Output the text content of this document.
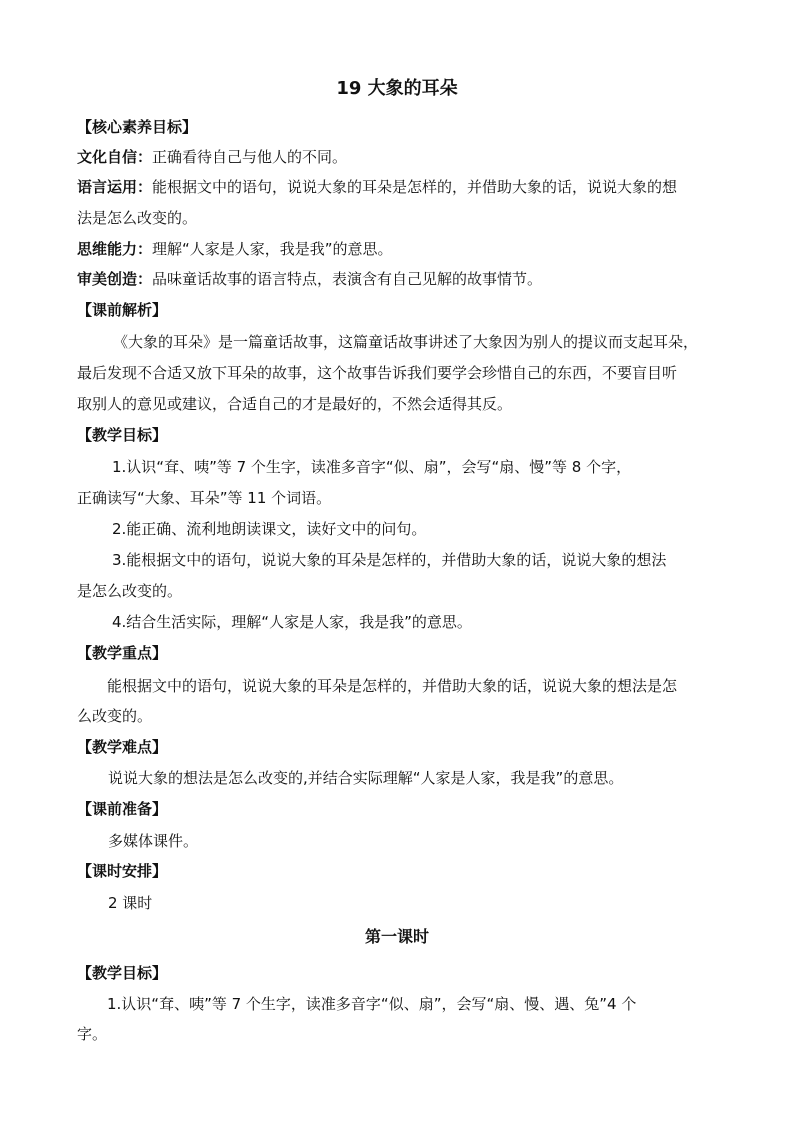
19 大象的耳朵
【核心素养目标】
文化自信：正确看待自己与他人的不同。
语言运用：能根据文中的语句，说说大象的耳朵是怎样的，并借助大象的话，说说大象的想
法是怎么改变的。
思维能力：理解“人家是人家，我是我”的意思。
审美创造：品味童话故事的语言特点，表演含有自己见解的故事情节。
【课前解析】
《大象的耳朵》是一篇童话故事，这篇童话故事讲述了大象因为别人的提议而支起耳朵，
最后发现不合适又放下耳朵的故事，这个故事告诉我们要学会珍惜自己的东西，不要盲目听
取别人的意见或建议，合适自己的才是最好的，不然会适得其反。
【教学目标】
1.认识“耷、咦”等 7 个生字，读准多音字“似、扇”，会写“扇、慢”等 8 个字，
正确读写“大象、耳朵”等 11 个词语。
2.能正确、流利地朗读课文，读好文中的问句。
3.能根据文中的语句，说说大象的耳朵是怎样的，并借助大象的话，说说大象的想法
是怎么改变的。
4.结合生活实际，理解“人家是人家，我是我”的意思。
【教学重点】
能根据文中的语句，说说大象的耳朵是怎样的，并借助大象的话，说说大象的想法是怎
么改变的。
【教学难点】
说说大象的想法是怎么改变的,并结合实际理解“人家是人家，我是我”的意思。
【课前准备】
多媒体课件。
【课时安排】
2 课时
第一课时
【教学目标】
1.认识“耷、咦”等 7 个生字，读准多音字“似、扇”，会写“扇、慢、遇、兔”4 个
字。
